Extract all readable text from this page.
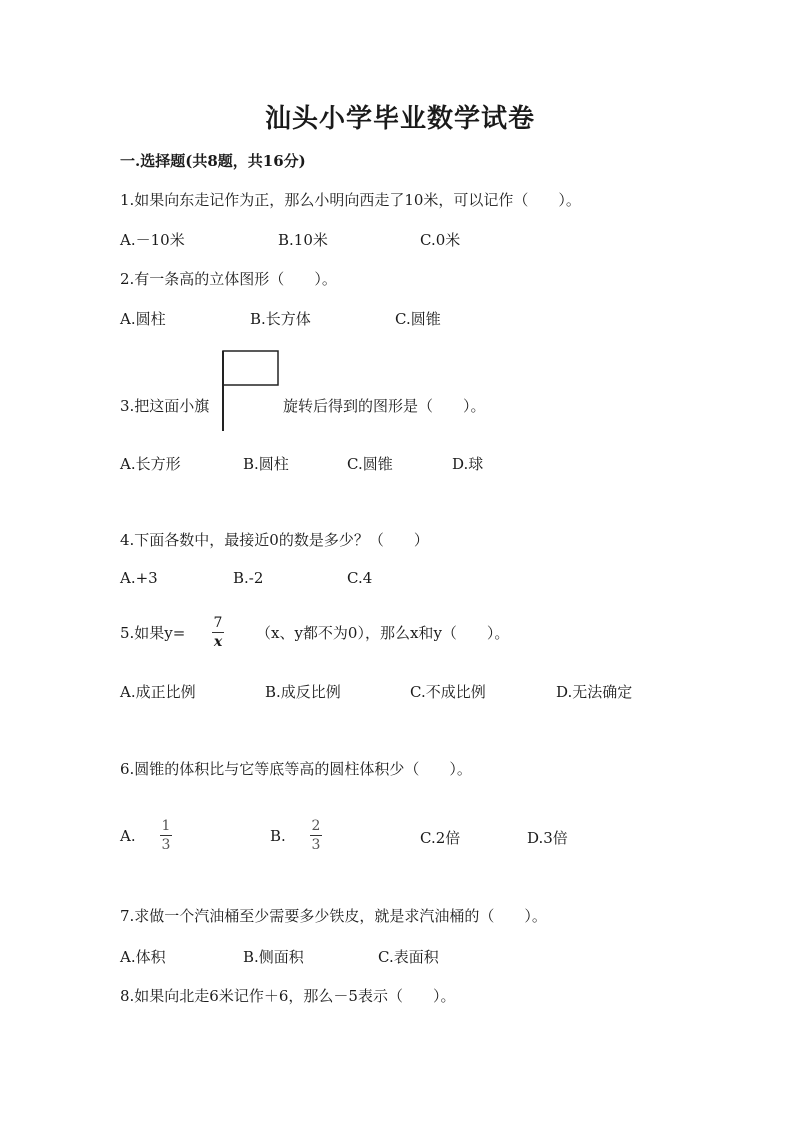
汕头小学毕业数学试卷
一.选择题(共8题，共16分)
1.如果向东走记作为正，那么小明向西走了10米，可以记作（　　）。
A.－10米	B.10米	C.0米
2.有一条高的立体图形（　　）。
A.圆柱	B.长方体	C.圆锥
3.把这面小旗	旋转后得到的图形是（　　）。
A.长方形	B.圆柱	C.圆锥	D.球
4.下面各数中，最接近0的数是多少？（　　）
A.+3	B.-2	C.4
5.如果y=
7
x （x、y都不为0），那么x和y（　　）。
A.成正比例	B.成反比例	C.不成比例	D.无法确定
6.圆锥的体积比与它等底等高的圆柱体积少（　　）。
A.
1
3	B.
2
3	C.2倍	D.3倍
7.求做一个汽油桶至少需要多少铁皮，就是求汽油桶的（　　）。
A.体积	B.侧面积	C.表面积
8.如果向北走6米记作＋6，那么－5表示（　　）。
